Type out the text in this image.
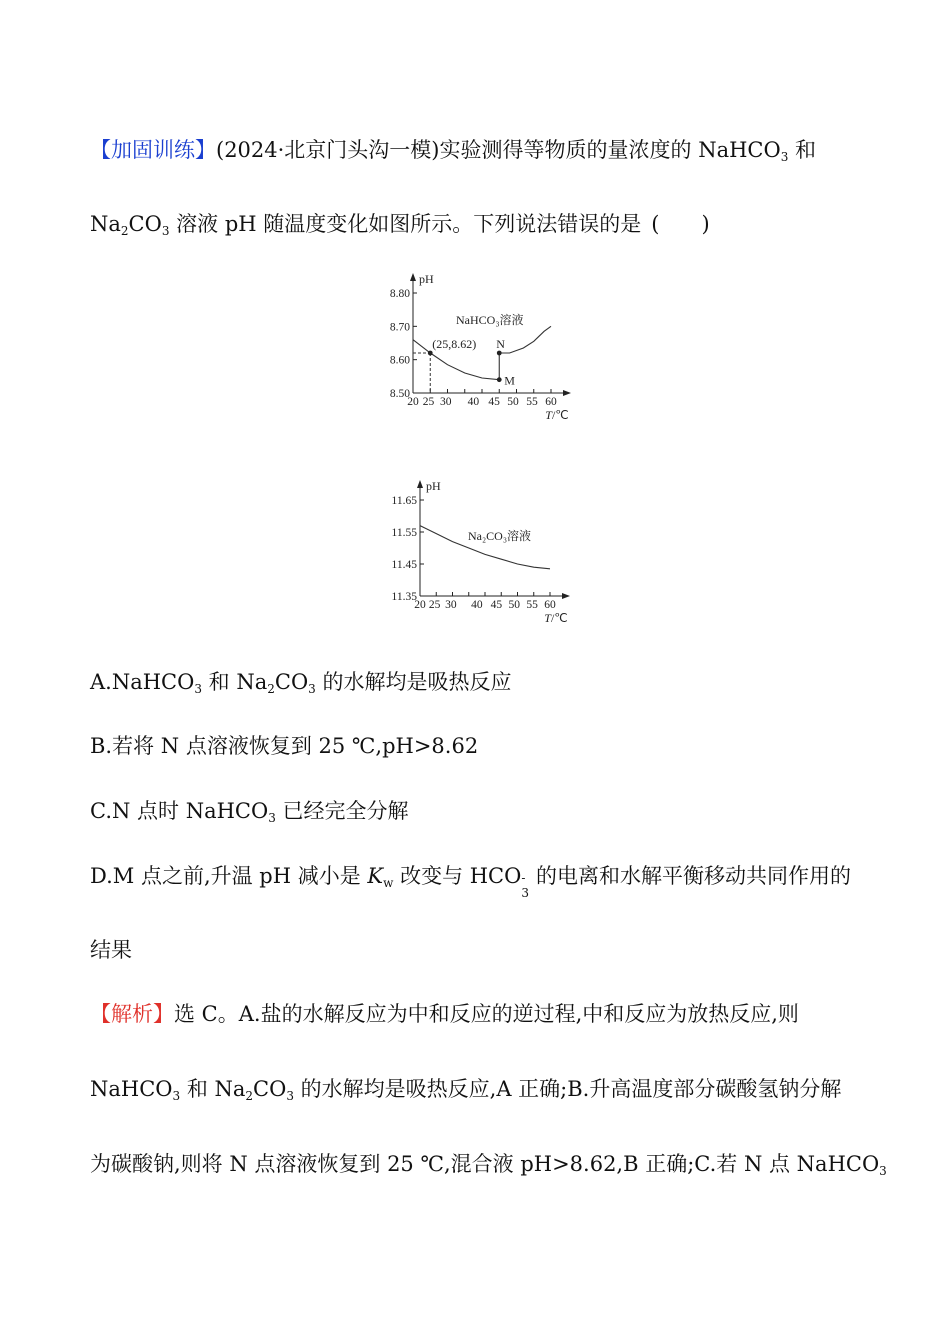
【加固训练】(2024·北京门头沟一模)实验测得等物质的量浓度的 NaHCO$_3$ 和
$Na_2CO_3$ 溶液 pH 随温度变化如图所示。下列说法错误的是 (　　)
pH
8.50
8.60
8.70
8.80
20 25 30 40 45 50 55 60
T/℃
(25,8.62) N
M
NaHCO₃溶液
pH
11.35
11.45
11.55
11.65
20 25 30 40 45 50 55 60
T/℃
Na₂CO₃溶液
A.NaHCO$_3$ 和 $Na_2CO_3$ 的水解均是吸热反应
B.若将 N 点溶液恢复到 25 ℃,pH>8.62
C.N 点时 NaHCO$_3$ 已经完全分解
D.M 点之前,升温 pH 减小是 $K_w$ 改变与 HCO -
3
的电离和水解平衡移动共同作用的
结果
【解析】选 C。A.盐的水解反应为中和反应的逆过程,中和反应为放热反应,则
NaHCO$_3$ 和 $Na_2CO_3$ 的水解均是吸热反应,A 正确;B.升高温度部分碳酸氢钠分解
为碳酸钠,则将 N 点溶液恢复到 25 ℃,混合液 pH>8.62,B 正确;C.若 N 点 NaHCO$_3$
